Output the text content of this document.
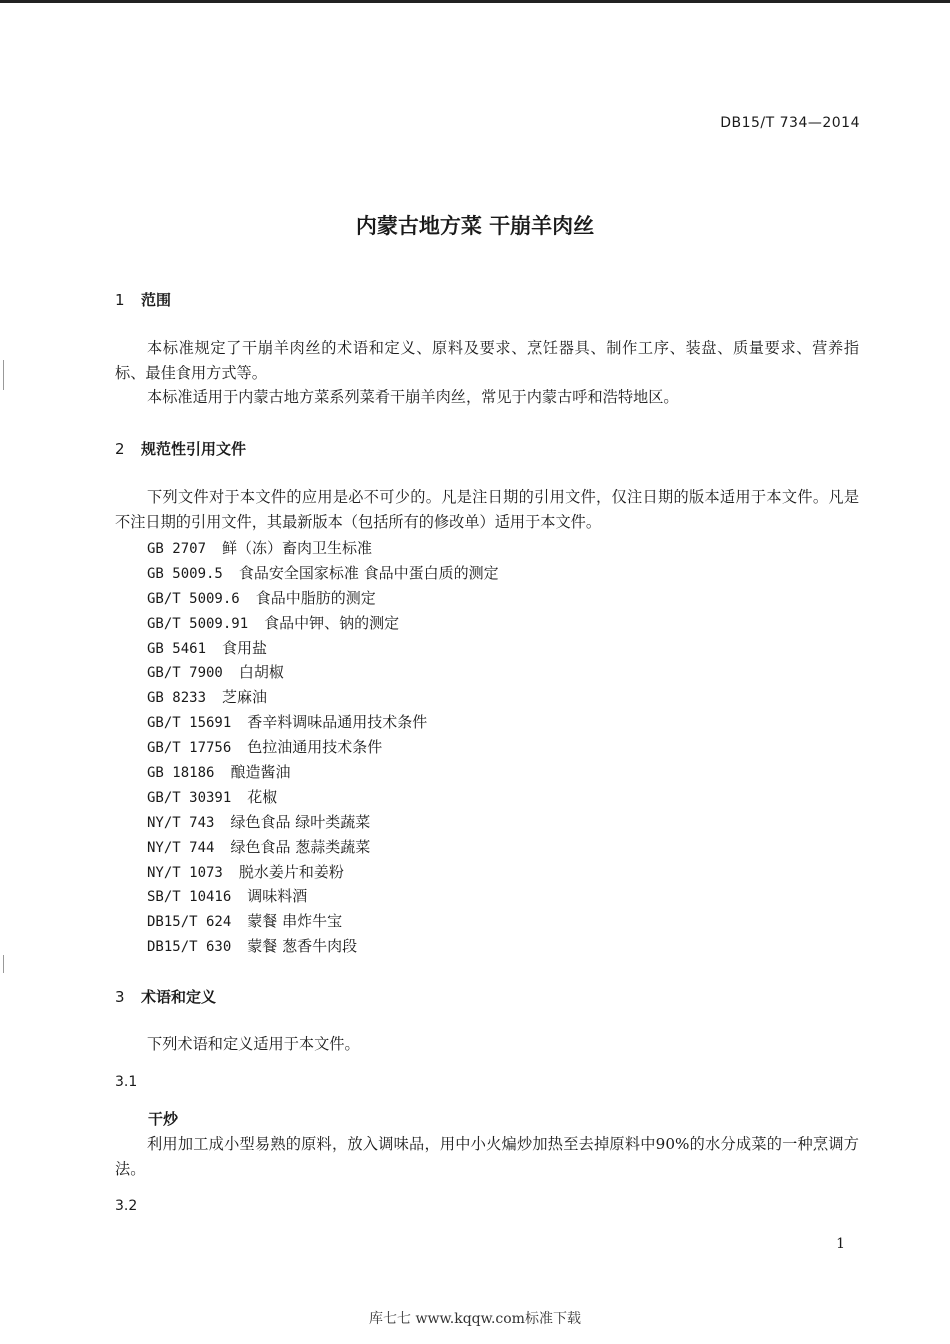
DB15/T 734—2014
内蒙古地方菜 干崩羊肉丝
1 范围

本标准规定了干崩羊肉丝的术语和定义、原料及要求、烹饪器具、制作工序、装盘、质量要求、营养指标、最佳食用方式等。

本标准适用于内蒙古地方菜系列菜肴干崩羊肉丝，常见于内蒙古呼和浩特地区。

2 规范性引用文件

下列文件对于本文件的应用是必不可少的。凡是注日期的引用文件，仅注日期的版本适用于本文件。凡是不注日期的引用文件，其最新版本（包括所有的修改单）适用于本文件。

GB 2707 鲜（冻）畜肉卫生标准
GB 5009.5 食品安全国家标准 食品中蛋白质的测定
GB/T 5009.6 食品中脂肪的测定
GB/T 5009.91 食品中钾、钠的测定
GB 5461 食用盐
GB/T 7900 白胡椒
GB 8233 芝麻油
GB/T 15691 香辛料调味品通用技术条件
GB/T 17756 色拉油通用技术条件
GB 18186 酿造酱油
GB/T 30391 花椒
NY/T 743 绿色食品 绿叶类蔬菜
NY/T 744 绿色食品 葱蒜类蔬菜
NY/T 1073 脱水姜片和姜粉
SB/T 10416 调味料酒
DB15/T 624 蒙餐 串炸牛宝
DB15/T 630 蒙餐 葱香牛肉段
3 术语和定义

下列术语和定义适用于本文件。

3.1
干炒

利用加工成小型易熟的原料，放入调味品，用中小火煸炒加热至去掉原料中90%的水分成菜的一种烹调方法。

3.2
1
库七七 www.kqqw.com标准下载
